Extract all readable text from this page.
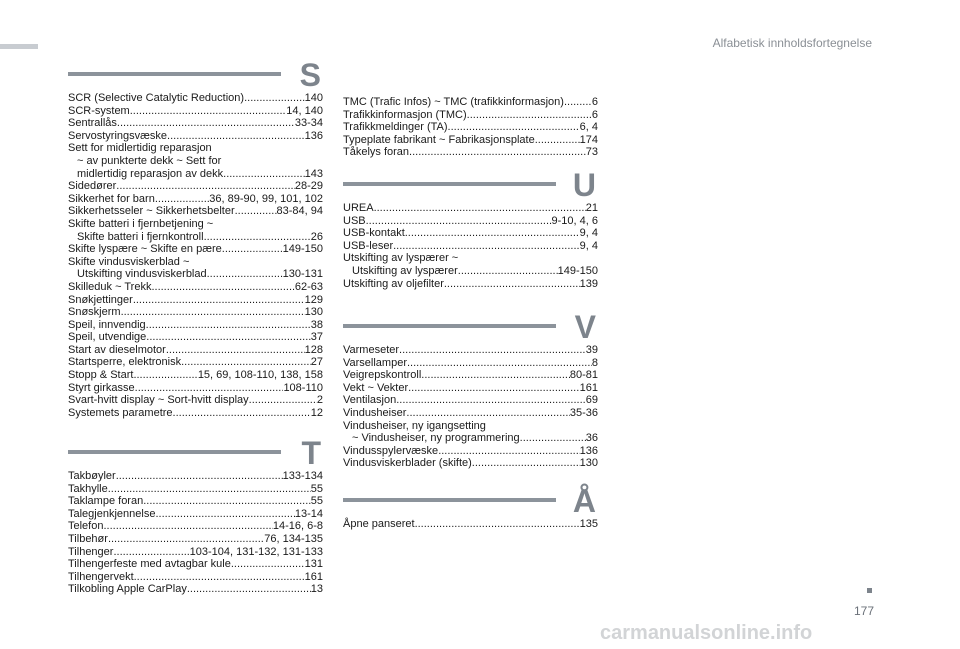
Alfabetisk innholdsfortegnelse
S
SCR (Selective Catalytic Reduction) .....	140
SCR-system .....	14, 140
Sentrallås .....	33-34
Servostyringsvæske .....	136
Sett for midlertidig reparasjon
~ av punkterte dekk ~ Sett for
midlertidig reparasjon av dekk .....	143
Sidedører .....	28-29
Sikkerhet for barn .....	36, 89-90, 99, 101, 102
Sikkerhetsseler ~ Sikkerhetsbelter .....	83-84, 94
Skifte batteri i fjernbetjening ~
Skifte batteri i fjernkontroll .....	26
Skifte lyspære ~ Skifte en pære .....	149-150
Skifte vindusviskerblad ~
Utskifting vindusviskerblad .....	130-131
Skilleduk ~ Trekk .....	62-63
Snøkjettinger .....	129
Snøskjerm .....	130
Speil, innvendig .....	38
Speil, utvendige .....	37
Start av dieselmotor .....	128
Startsperre, elektronisk .....	27
Stopp & Start .....	15, 69, 108-110, 138, 158
Styrt girkasse .....	108-110
Svart-hvitt display ~ Sort-hvitt display .....	2
Systemets parametre .....	12
T
Takbøyler .....	133-134
Takhylle .....	55
Taklampe foran .....	55
Talegjenkjennelse .....	13-14
Telefon .....	14-16, 6-8
Tilbehør .....	76, 134-135
Tilhenger .....	103-104, 131-132, 131-133
Tilhengerfeste med avtagbar kule .....	131
Tilhengervekt .....	161
Tilkobling Apple CarPlay .....	13
TMC (Trafic Infos) ~ TMC (trafikkinformasjon) .....	6
Trafikkinformasjon (TMC) .....	6
Trafikkmeldinger (TA) .....	6, 4
Typeplate fabrikant ~ Fabrikasjonsplate .....	174
Tåkelys foran .....	73
U
UREA .....	21
USB .....	9-10, 4, 6
USB-kontakt .....	9, 4
USB-leser .....	9, 4
Utskifting av lyspærer ~
Utskifting av lyspærer .....	149-150
Utskifting av oljefilter .....	139
V
Varmeseter .....	39
Varsellamper .....	8
Veigrepskontroll .....	80-81
Vekt ~ Vekter .....	161
Ventilasjon .....	69
Vindusheiser .....	35-36
Vindusheiser, ny igangsetting
~ Vindusheiser, ny programmering .....	36
Vindusspylervæske .....	136
Vindusviskerblader (skifte) .....	130
Å
Åpne panseret .....	135
177
carmanualsonline.info
